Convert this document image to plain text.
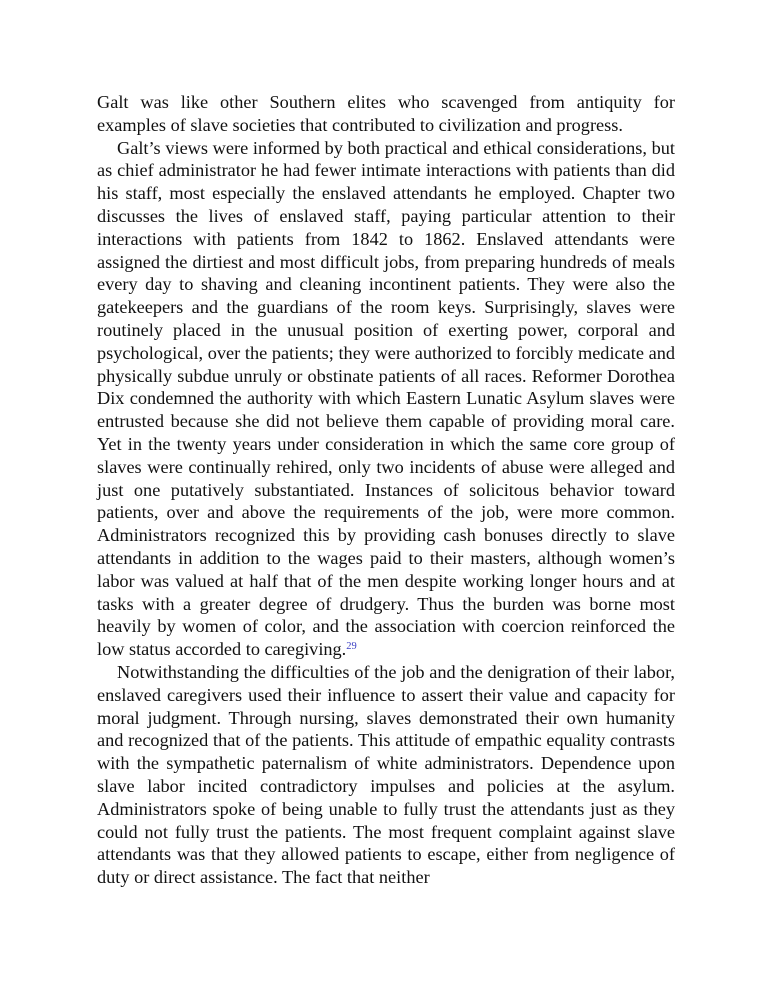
Galt was like other Southern elites who scavenged from antiquity for examples of slave societies that contributed to civilization and progress.

Galt’s views were informed by both practical and ethical considerations, but as chief administrator he had fewer intimate interactions with patients than did his staff, most especially the enslaved attendants he employed. Chapter two discusses the lives of enslaved staff, paying particular attention to their interactions with patients from 1842 to 1862. Enslaved attendants were assigned the dirtiest and most difficult jobs, from preparing hundreds of meals every day to shaving and cleaning incontinent patients. They were also the gatekeepers and the guardians of the room keys. Surprisingly, slaves were routinely placed in the unusual position of exerting power, corporal and psychological, over the patients; they were authorized to forcibly medicate and physically subdue unruly or obstinate patients of all races. Reformer Dorothea Dix condemned the authority with which Eastern Lunatic Asylum slaves were entrusted because she did not believe them capable of providing moral care. Yet in the twenty years under consideration in which the same core group of slaves were continually rehired, only two incidents of abuse were alleged and just one putatively substantiated. Instances of solicitous behavior toward patients, over and above the requirements of the job, were more common. Administrators recognized this by providing cash bonuses directly to slave attendants in addition to the wages paid to their masters, although women’s labor was valued at half that of the men despite working longer hours and at tasks with a greater degree of drudgery. Thus the burden was borne most heavily by women of color, and the association with coercion reinforced the low status accorded to caregiving.$^{29}$

Notwithstanding the difficulties of the job and the denigration of their labor, enslaved caregivers used their influence to assert their value and capacity for moral judgment. Through nursing, slaves demonstrated their own humanity and recognized that of the patients. This attitude of empathic equality contrasts with the sympathetic paternalism of white administrators. Dependence upon slave labor incited contradictory impulses and policies at the asylum. Administrators spoke of being unable to fully trust the attendants just as they could not fully trust the patients. The most frequent complaint against slave attendants was that they allowed patients to escape, either from negligence of duty or direct assistance. The fact that neither
